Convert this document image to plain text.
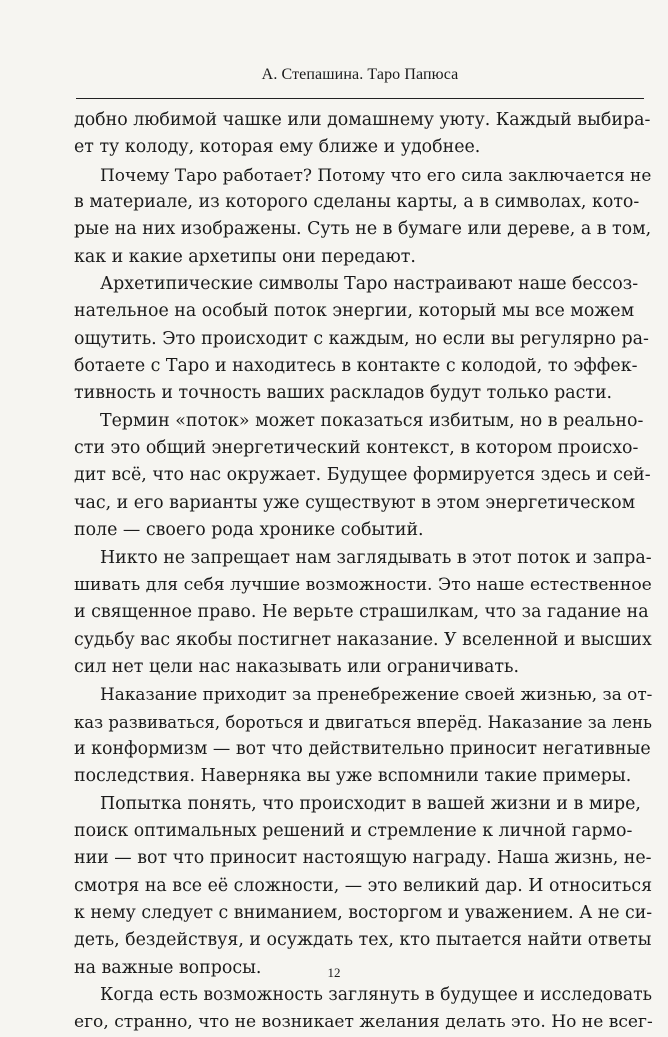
А. Степашина. Таро Папюса
добно любимой чашке или домашнему уюту. Каждый выбира-
ет ту колоду, которая ему ближе и удобнее.
Почему Таро работает? Потому что его сила заключается не
в материале, из которого сделаны карты, а в символах, кото-
рые на них изображены. Суть не в бумаге или дереве, а в том,
как и какие архетипы они передают.
Архетипические символы Таро настраивают наше бессоз-
нательное на особый поток энергии, который мы все можем
ощутить. Это происходит с каждым, но если вы регулярно ра-
ботаете с Таро и находитесь в контакте с колодой, то эффек-
тивность и точность ваших раскладов будут только расти.
Термин «поток» может показаться избитым, но в реально-
сти это общий энергетический контекст, в котором происхо-
дит всё, что нас окружает. Будущее формируется здесь и сей-
час, и его варианты уже существуют в этом энергетическом
поле — своего рода хронике событий.
Никто не запрещает нам заглядывать в этот поток и запра-
шивать для себя лучшие возможности. Это наше естественное
и священное право. Не верьте страшилкам, что за гадание на
судьбу вас якобы постигнет наказание. У вселенной и высших
сил нет цели нас наказывать или ограничивать.
Наказание приходит за пренебрежение своей жизнью, за от-
каз развиваться, бороться и двигаться вперёд. Наказание за лень
и конформизм — вот что действительно приносит негативные
последствия. Наверняка вы уже вспомнили такие примеры.
Попытка понять, что происходит в вашей жизни и в мире,
поиск оптимальных решений и стремление к личной гармо-
нии — вот что приносит настоящую награду. Наша жизнь, не-
смотря на все её сложности, — это великий дар. И относиться
к нему следует с вниманием, восторгом и уважением. А не си-
деть, бездействуя, и осуждать тех, кто пытается найти ответы
на важные вопросы.
Когда есть возможность заглянуть в будущее и исследовать
его, странно, что не возникает желания делать это. Но не всег-
12
